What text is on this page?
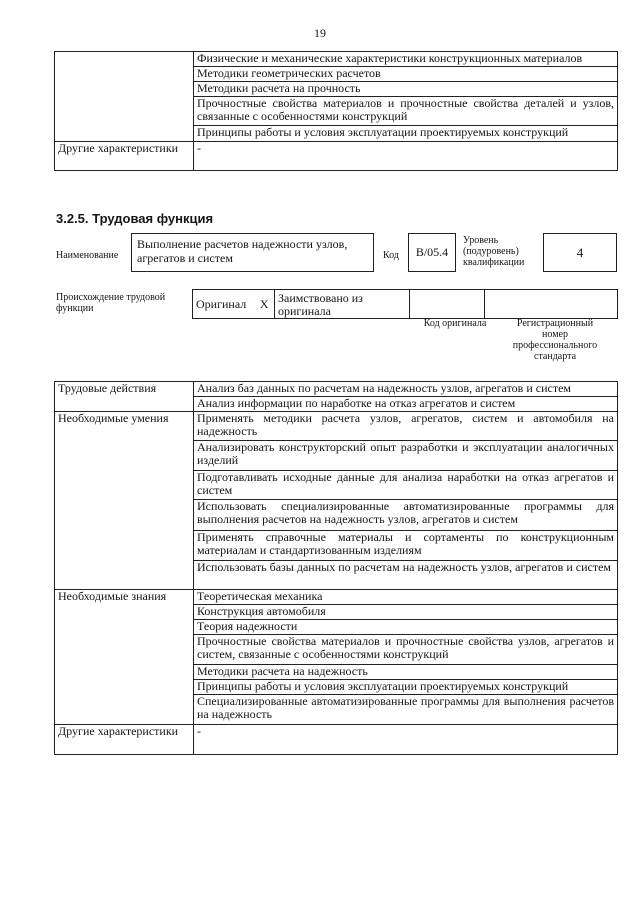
19
	Физические и механические характеристики конструкционных материалов
	Методики геометрических расчетов
	Методики расчета на прочность
	Прочностные свойства материалов и прочностные свойства деталей и узлов, связанные с особенностями конструкций
	Принципы работы и условия эксплуатации проектируемых конструкций
Другие характеристики	-
3.2.5. Трудовая функция
Наименование
Выполнение расчетов надежности узлов, агрегатов и систем	Код	B/05.4
Уровень (подуровень) квалификации
4
Происхождение трудовой функции	Оригинал	X	Заимствовано из оригинала		
Код оригинала	Регистрационный номер профессионального стандарта
Трудовые действия	Анализ баз данных по расчетам на надежность узлов, агрегатов и систем
	Анализ информации по наработке на отказ агрегатов и систем
Необходимые умения	Применять методики расчета узлов, агрегатов, систем и автомобиля на надежность
	Анализировать конструкторский опыт разработки и эксплуатации аналогичных изделий
	Подготавливать исходные данные для анализа наработки на отказ агрегатов и систем
	Использовать специализированные автоматизированные программы для выполнения расчетов на надежность узлов, агрегатов и систем
	Применять справочные материалы и сортаменты по конструкционным материалам и стандартизованным изделиям
	Использовать базы данных по расчетам на надежность узлов, агрегатов и систем
Необходимые знания	Теоретическая механика
	Конструкция автомобиля
	Теория надежности
	Прочностные свойства материалов и прочностные свойства узлов, агрегатов и систем, связанные с особенностями конструкций
	Методики расчета на надежность
	Принципы работы и условия эксплуатации проектируемых конструкций
	Специализированные автоматизированные программы для выполнения расчетов на надежность
Другие характеристики	-
